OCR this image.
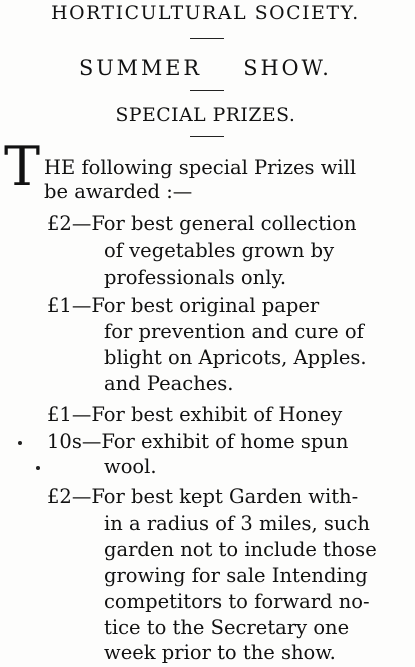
HORTICULTURAL SOCIETY.
SUMMER SHOW.
SPECIAL PRIZES.
T HE following special Prizes will
be awarded :—
£2—For best general collection
of vegetables grown by
professionals only.
£1—For best original paper
for prevention and cure of
blight on Apricots, Apples.
and Peaches.
£1—For best exhibit of Honey
10s—For exhibit of home spun
wool.
£2—For best kept Garden with-
in a radius of 3 miles, such
garden not to include those
growing for sale Intending
competitors to forward no-
tice to the Secretary one
week prior to the show.
